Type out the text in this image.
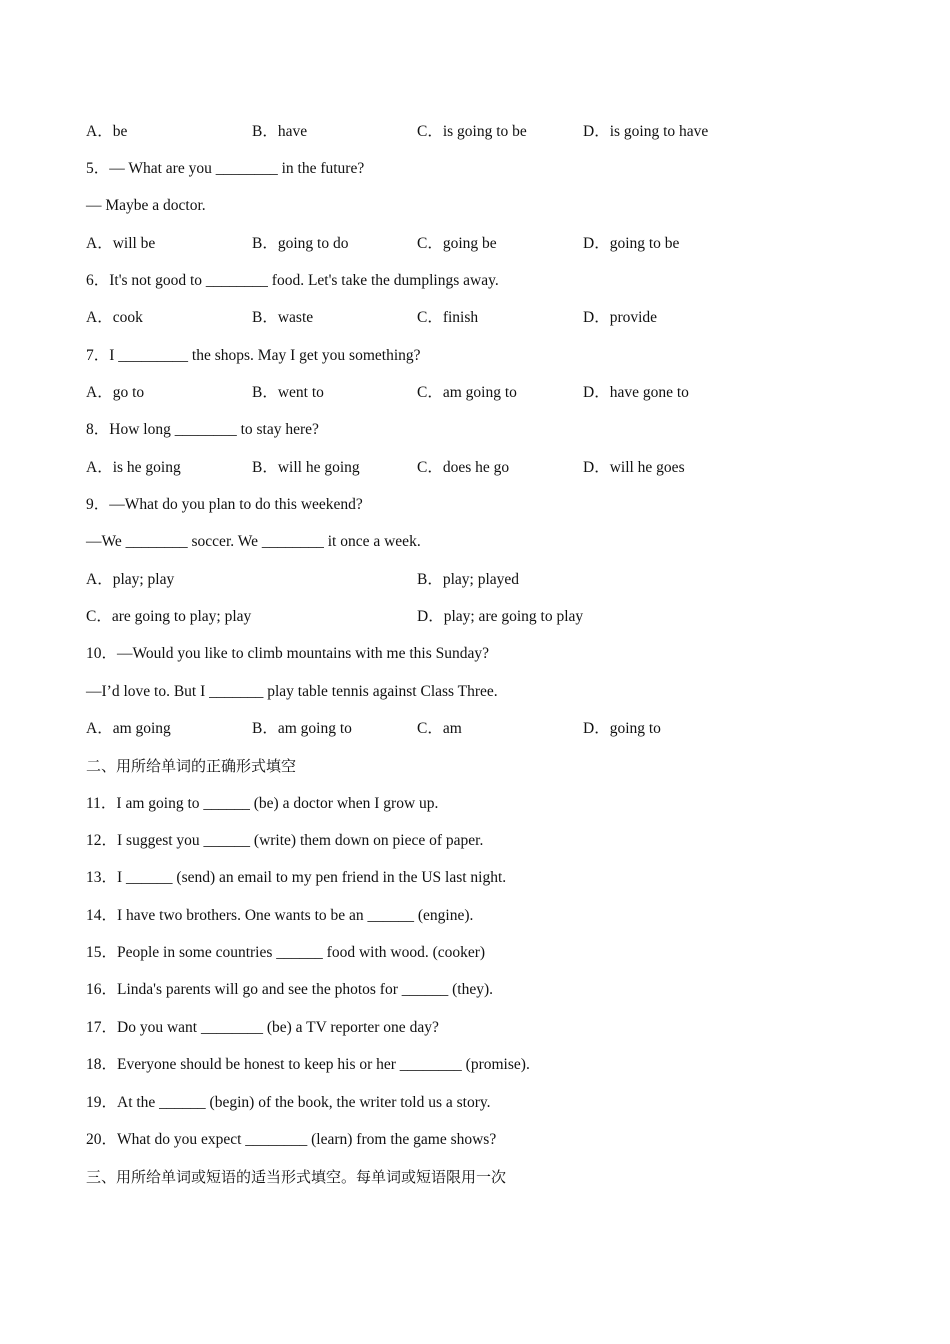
A．be	B．have	C．is going to be	D．is going to have
5．— What are you ________ in the future?
— Maybe a doctor.
A．will be	B．going to do	C．going be	D．going to be
6．It's not good to ________ food. Let's take the dumplings away.
A．cook	B．waste	C．finish	D．provide
7．I _________ the shops. May I get you something?
A．go to	B．went to	C．am going to	D．have gone to
8．How long ________ to stay here?
A．is he going	B．will he going	C．does he go	D．will he goes
9．—What do you plan to do this weekend?
—We ________ soccer. We ________ it once a week.
A．play; play	B．play; played
C．are going to play; play	D．play; are going to play
10．—Would you like to climb mountains with me this Sunday?
—I’d love to. But I _______ play table tennis against Class Three.
A．am going	B．am going to	C．am	D．going to
二、用所给单词的正确形式填空
11．I am going to ______ (be) a doctor when I grow up.
12．I suggest you ______ (write) them down on piece of paper.
13．I ______ (send) an email to my pen friend in the US last night.
14．I have two brothers. One wants to be an ______ (engine).
15．People in some countries ______ food with wood. (cooker)
16．Linda's parents will go and see the photos for ______ (they).
17．Do you want ________ (be) a TV reporter one day?
18．Everyone should be honest to keep his or her ________ (promise).
19．At the ______ (begin) of the book, the writer told us a story.
20．What do you expect ________ (learn) from the game shows?
三、用所给单词或短语的适当形式填空。每单词或短语限用一次
